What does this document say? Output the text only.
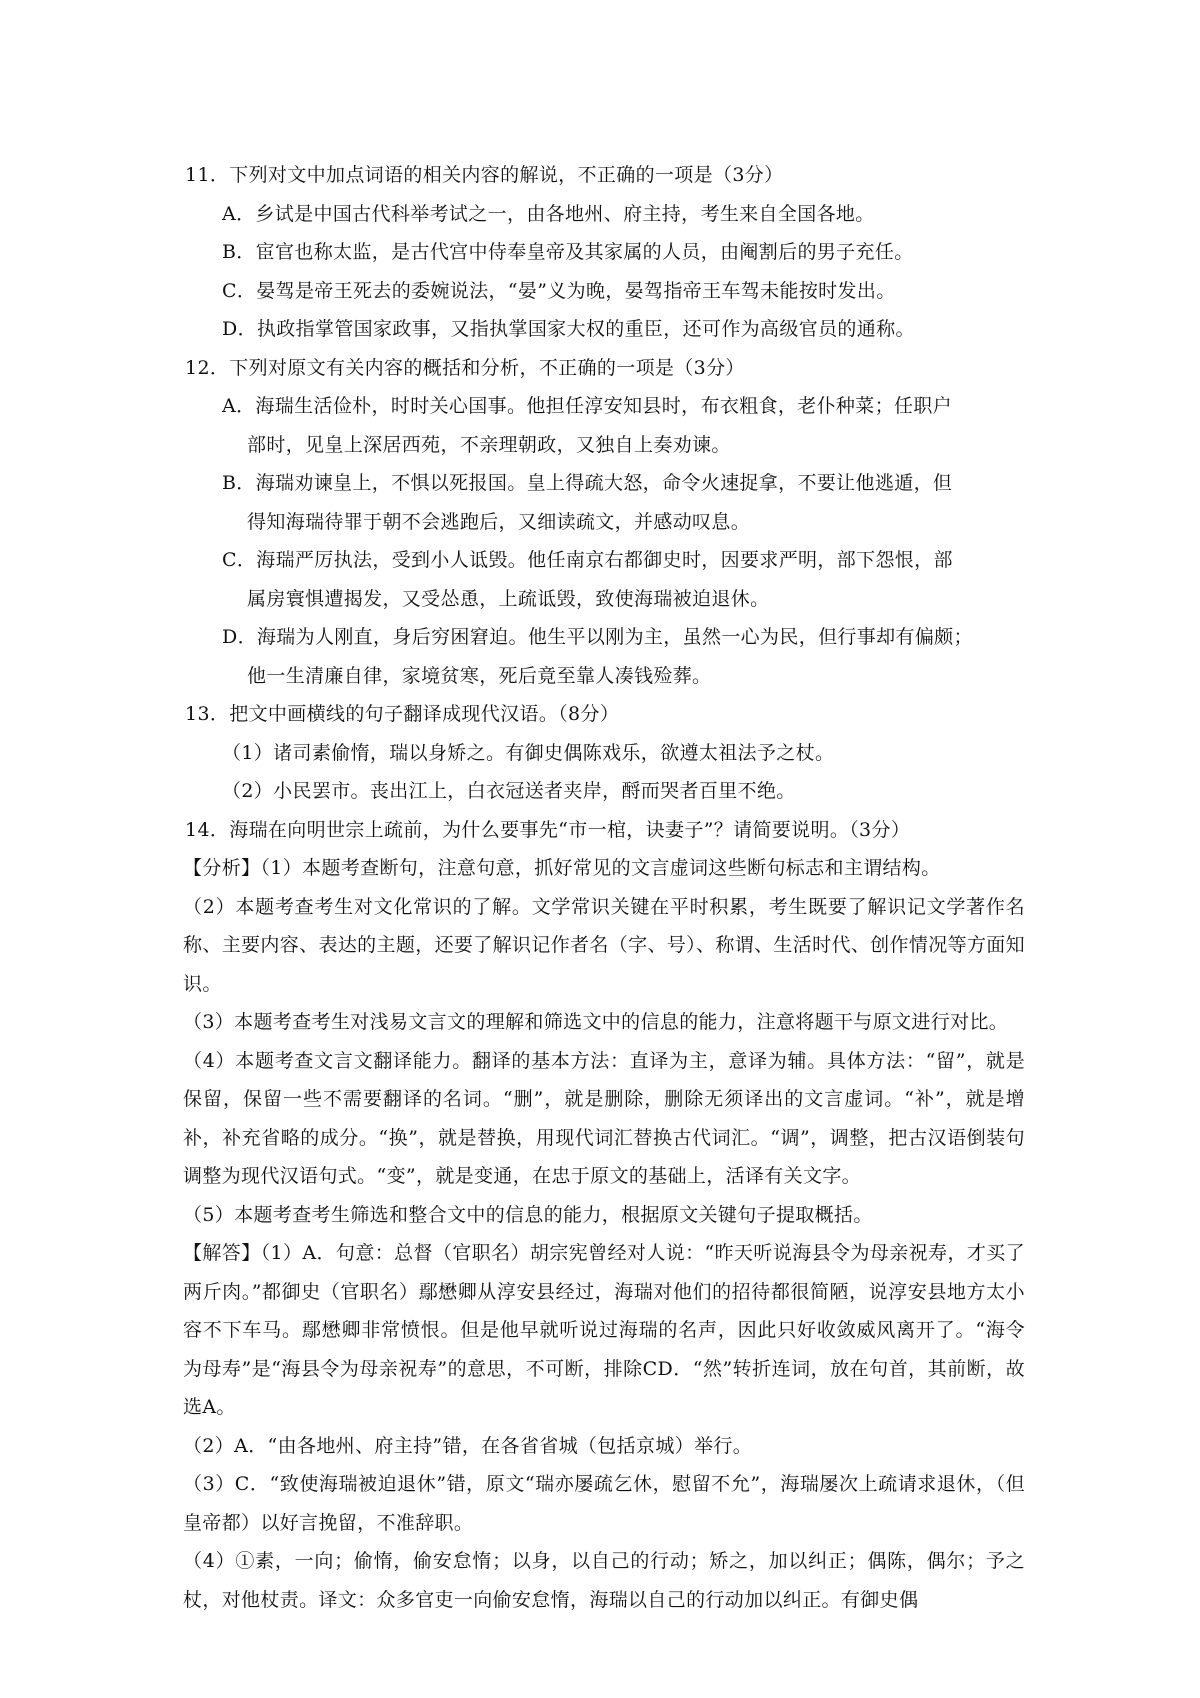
11．下列对文中加点词语的相关内容的解说，不正确的一项是（3分）
A．乡试是中国古代科举考试之一，由各地州、府主持，考生来自全国各地。
B．宦官也称太监，是古代宫中侍奉皇帝及其家属的人员，由阉割后的男子充任。
C．晏驾是帝王死去的委婉说法，“晏”义为晚，晏驾指帝王车驾未能按时发出。
D．执政指掌管国家政事，又指执掌国家大权的重臣，还可作为高级官员的通称。
12．下列对原文有关内容的概括和分析，不正确的一项是（3分）
A．海瑞生活俭朴，时时关心国事。他担任淳安知县时，布衣粗食，老仆种菜；任职户
部时，见皇上深居西苑，不亲理朝政，又独自上奏劝谏。
B．海瑞劝谏皇上，不惧以死报国。皇上得疏大怒，命令火速捉拿，不要让他逃遁，但
得知海瑞待罪于朝不会逃跑后，又细读疏文，并感动叹息。
C．海瑞严厉执法，受到小人诋毁。他任南京右都御史时，因要求严明，部下怨恨，部
属房寰惧遭揭发，又受怂恿，上疏诋毁，致使海瑞被迫退休。
D．海瑞为人刚直，身后穷困窘迫。他生平以刚为主，虽然一心为民，但行事却有偏颇；
他一生清廉自律，家境贫寒，死后竟至靠人凑钱殓葬。
13．把文中画横线的句子翻译成现代汉语。（8分）
（1）诸司素偷惰，瑞以身矫之。有御史偶陈戏乐，欲遵太祖法予之杖。
（2）小民罢市。丧出江上，白衣冠送者夹岸，酹而哭者百里不绝。
14．海瑞在向明世宗上疏前，为什么要事先“市一棺，诀妻子”？请简要说明。（3分）
【分析】（1）本题考查断句，注意句意，抓好常见的文言虚词这些断句标志和主谓结构。
（2）本题考查考生对文化常识的了解。文学常识关键在平时积累，考生既要了解识记文学著作名称、主要内容、表达的主题，还要了解识记作者名（字、号）、称谓、生活时代、创作情况等方面知识。
（3）本题考查考生对浅易文言文的理解和筛选文中的信息的能力，注意将题干与原文进行对比。
（4）本题考查文言文翻译能力。翻译的基本方法：直译为主，意译为辅。具体方法：“留”，就是保留，保留一些不需要翻译的名词。“删”，就是删除，删除无须译出的文言虚词。“补”，就是增补，补充省略的成分。“换”，就是替换，用现代词汇替换古代词汇。“调”，调整，把古汉语倒装句调整为现代汉语句式。“变”，就是变通，在忠于原文的基础上，活译有关文字。
（5）本题考查考生筛选和整合文中的信息的能力，根据原文关键句子提取概括。
【解答】（1）A．句意：总督（官职名）胡宗宪曾经对人说：“昨天听说海县令为母亲祝寿，才买了两斤肉。”都御史（官职名）鄢懋卿从淳安县经过，海瑞对他们的招待都很简陋，说淳安县地方太小容不下车马。鄢懋卿非常愤恨。但是他早就听说过海瑞的名声，因此只好收敛威风离开了。“海令为母寿”是“海县令为母亲祝寿”的意思，不可断，排除CD．“然”转折连词，放在句首，其前断，故选A。
（2）A．“由各地州、府主持”错，在各省省城（包括京城）举行。
（3）C．“致使海瑞被迫退休”错，原文“瑞亦屡疏乞休，慰留不允”，海瑞屡次上疏请求退休，（但皇帝都）以好言挽留，不准辞职。
（4）①素，一向；偷惰，偷安怠惰；以身，以自己的行动；矫之，加以纠正；偶陈，偶尔；予之杖，对他杖责。译文：众多官吏一向偷安怠惰，海瑞以自己的行动加以纠正。有御史偶
